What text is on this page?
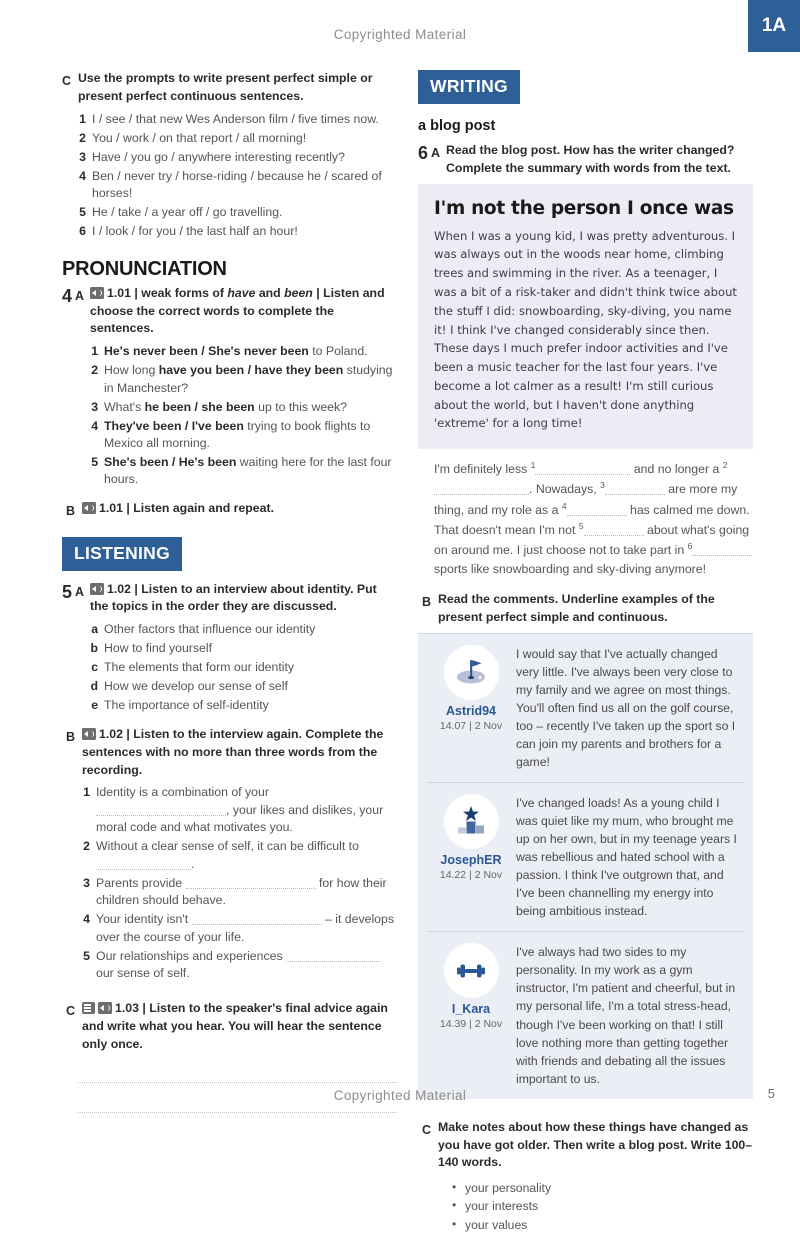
Copyrighted Material	1A
C Use the prompts to write present perfect simple or present perfect continuous sentences.
1 I / see / that new Wes Anderson film / five times now.
2 You / work / on that report / all morning!
3 Have / you go / anywhere interesting recently?
4 Ben / never try / horse-riding / because he / scared of horses!
5 He / take / a year off / go travelling.
6 I / look / for you / the last half an hour!
PRONUNCIATION
4 A	1.01 | weak forms of have and been | Listen and choose the correct words to complete the sentences.
1 He's never been / She's never been to Poland.
2 How long have you been / have they been studying in Manchester?
3 What's he been / she been up to this week?
4 They've been / I've been trying to book flights to Mexico all morning.
5 She's been / He's been waiting here for the last four hours.
B	1.01 | Listen again and repeat.
LISTENING
5 A	1.02 | Listen to an interview about identity. Put the topics in the order they are discussed.
a Other factors that influence our identity
b How to find yourself
c The elements that form our identity
d How we develop our sense of self
e The importance of self-identity
B	1.02 | Listen to the interview again. Complete the sentences with no more than three words from the recording.
1 Identity is a combination of your , your likes and dislikes, your moral code and what motivates you.
2 Without a clear sense of self, it can be difficult to .
3 Parents provide	for how their children should behave.
4 Your identity isn't	– it develops over the course of your life.
5 Our relationships and experiences  our sense of self.
C	1.03 | Listen to the speaker's final advice again and write what you hear. You will hear the sentence only once.
WRITING
a blog post
6 A Read the blog post. How has the writer changed? Complete the summary with words from the text.
I'm not the person I once was

When I was a young kid, I was pretty adventurous. I was always out in the woods near home, climbing trees and swimming in the river. As a teenager, I was a bit of a risk-taker and didn't think twice about the stuff I did: snowboarding, sky-diving, you name it! I think I've changed considerably since then. These days I much prefer indoor activities and I've been a music teacher for the last four years. I've become a lot calmer as a result! I'm still curious about the world, but I haven't done anything 'extreme' for a long time!

I'm definitely less $^1$	and no longer a $^2$. Nowadays, $^3$	are more my thing, and my role as a $^4$	has calmed me down. That doesn't mean I'm not $^5$	about what's going on around me. I just choose not to take part in $^6$ sports like snowboarding and sky-diving anymore!
B Read the comments. Underline examples of the present perfect simple and continuous.
Astrid94
14.07 | 2 Nov
I would say that I've actually changed very little. I've always been very close to my family and we agree on most things. You'll often find us all on the golf course, too – recently I've taken up the sport so I can join my parents and brothers for a game!
JosephER
14.22 | 2 Nov
I've changed loads! As a young child I was quiet like my mum, who brought me up on her own, but in my teenage years I was rebellious and hated school with a passion. I think I've outgrown that, and I've been channelling my energy into being ambitious instead.
I_Kara
14.39 | 2 Nov
I've always had two sides to my personality. In my work as a gym instructor, I'm patient and cheerful, but in my personal life, I'm a total stress-head, though I've been working on that! I still love nothing more than getting together with friends and debating all the issues important to us.
C Make notes about how these things have changed as you have got older. Then write a blog post. Write 100–140 words.
• your personality
• your interests
• your values
Copyrighted Material	5
